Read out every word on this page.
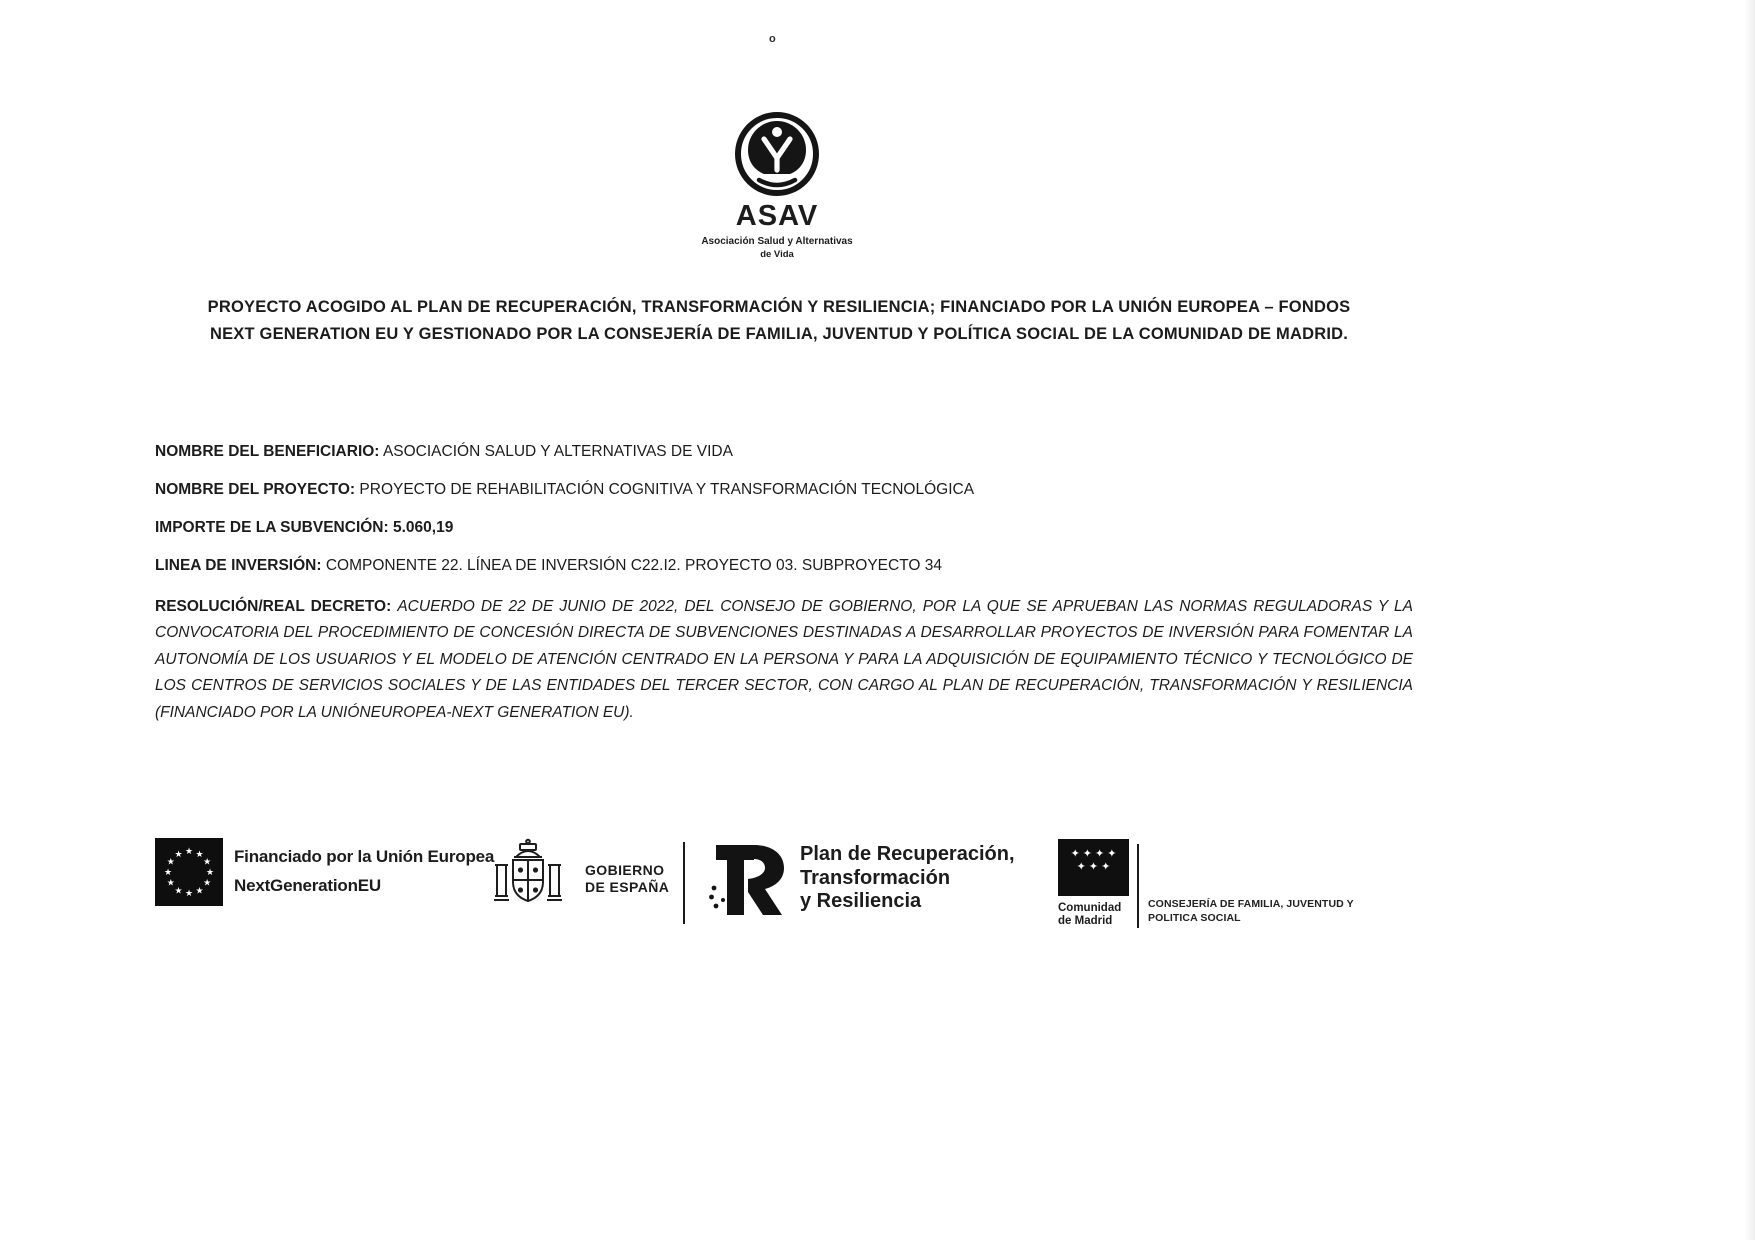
o
ASAV
Asociación Salud y Alternativas
de Vida

PROYECTO ACOGIDO AL PLAN DE RECUPERACIÓN, TRANSFORMACIÓN Y RESILIENCIA; FINANCIADO POR LA UNIÓN EUROPEA – FONDOS NEXT GENERATION EU Y GESTIONADO POR LA CONSEJERÍA DE FAMILIA, JUVENTUD Y POLÍTICA SOCIAL DE LA COMUNIDAD DE MADRID.

NOMBRE DEL BENEFICIARIO: ASOCIACIÓN SALUD Y ALTERNATIVAS DE VIDA

NOMBRE DEL PROYECTO: PROYECTO DE REHABILITACIÓN COGNITIVA Y TRANSFORMACIÓN TECNOLÓGICA

IMPORTE DE LA SUBVENCIÓN: 5.060,19

LINEA DE INVERSIÓN: COMPONENTE 22. LÍNEA DE INVERSIÓN C22.I2. PROYECTO 03. SUBPROYECTO 34

RESOLUCIÓN/REAL DECRETO: ACUERDO DE 22 DE JUNIO DE 2022, DEL CONSEJO DE GOBIERNO, POR LA QUE SE APRUEBAN LAS NORMAS REGULADORAS Y LA CONVOCATORIA DEL PROCEDIMIENTO DE CONCESIÓN DIRECTA DE SUBVENCIONES DESTINADAS A DESARROLLAR PROYECTOS DE INVERSIÓN PARA FOMENTAR LA AUTONOMÍA DE LOS USUARIOS Y EL MODELO DE ATENCIÓN CENTRADO EN LA PERSONA Y PARA LA ADQUISICIÓN DE EQUIPAMIENTO TÉCNICO Y TECNOLÓGICO DE LOS CENTROS DE SERVICIOS SOCIALES Y DE LAS ENTIDADES DEL TERCER SECTOR, CON CARGO AL PLAN DE RECUPERACIÓN, TRANSFORMACIÓN Y RESILIENCIA (FINANCIADO POR LA UNIÓNEUROPEA-NEXT GENERATION EU).

★ ★
★
★
★
★
★
★
★
★
★
★	Financiado por la Unión Europea
NextGenerationEU
GOBIERNO
DE ESPAÑA
Plan de Recuperación,
Transformación
y Resiliencia
✦✦✦✦
✦✦✦
Comunidad
de Madrid
CONSEJERÍA DE FAMILIA, JUVENTUD Y
POLITICA SOCIAL
